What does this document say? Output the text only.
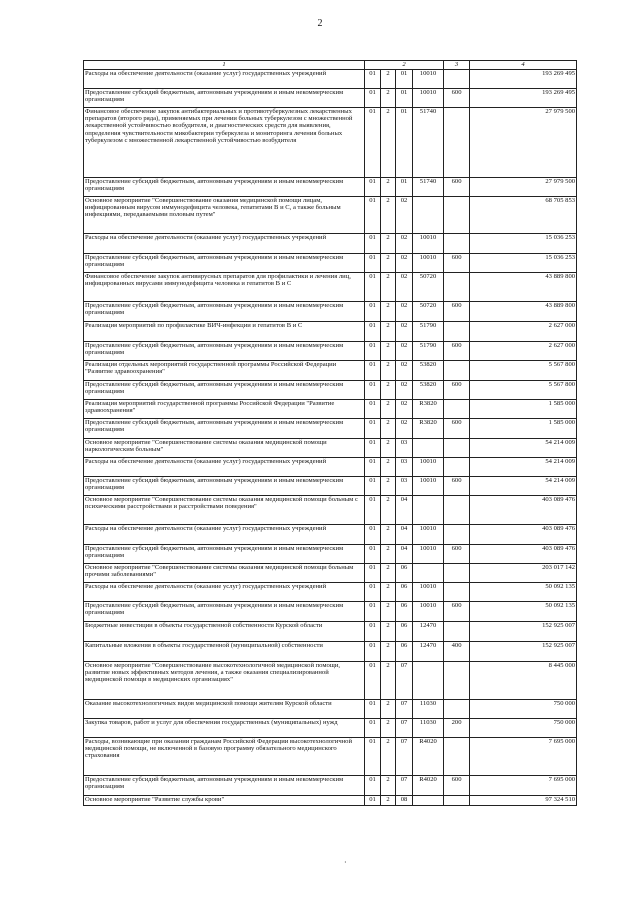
2
1	2				3	4
Расходы на обеспечение деятельности (оказание услуг) государственных учреждений	01	2	01	10010		193 269 495
Предоставление субсидий бюджетным, автономным учреждениям и иным некоммерческим организациям	01	2	01	10010	600	193 269 495
Финансовое обеспечение закупок антибактериальных и противотуберкулезных лекарственных препаратов (второго ряда), применяемых при лечении больных туберкулезом с множественной лекарственной устойчивостью возбудителя, и диагностических средств для выявления, определения чувствительности микобактерии туберкулеза и мониторинга лечения больных туберкулезом с множественной лекарственной устойчивостью возбудителя	01	2	01	51740		27 979 500
Предоставление субсидий бюджетным, автономным учреждениям и иным некоммерческим организациям	01	2	01	51740	600	27 979 500
Основное мероприятие "Совершенствование оказания медицинской помощи лицам, инфицированным вирусом иммунодефицита человека, гепатитами В и С, а также больным инфекциями, передаваемыми половым путем"	01	2	02			68 705 853
Расходы на обеспечение деятельности (оказание услуг) государственных учреждений	01	2	02	10010		15 036 253
Предоставление субсидий бюджетным, автономным учреждениям и иным некоммерческим организациям	01	2	02	10010	600	15 036 253
Финансовое обеспечение закупок антивирусных препаратов для профилактики и лечения лиц, инфицированных вирусами иммунодефицита человека и гепатитов В и С	01	2	02	50720		43 889 800
Предоставление субсидий бюджетным, автономным учреждениям и иным некоммерческим организациям	01	2	02	50720	600	43 889 800
Реализация мероприятий по профилактике ВИЧ-инфекции и гепатитов В и С	01	2	02	51790		2 627 000
Предоставление субсидий бюджетным, автономным учреждениям и иным некоммерческим организациям	01	2	02	51790	600	2 627 000
Реализация отдельных мероприятий государственной программы Российской Федерации "Развитие здравоохранения"	01	2	02	53820		5 567 800
Предоставление субсидий бюджетным, автономным учреждениям и иным некоммерческим организациям	01	2	02	53820	600	5 567 800
Реализация мероприятий государственной программы Российской Федерации "Развитие здравоохранения"	01	2	02	R3820		1 585 000
Предоставление субсидий бюджетным, автономным учреждениям и иным некоммерческим организациям	01	2	02	R3820	600	1 585 000
Основное мероприятие "Совершенствование системы оказания медицинской помощи наркологическим больным"	01	2	03			54 214 009
Расходы на обеспечение деятельности (оказание услуг) государственных учреждений	01	2	03	10010		54 214 009
Предоставление субсидий бюджетным, автономным учреждениям и иным некоммерческим организациям	01	2	03	10010	600	54 214 009
Основное мероприятие "Совершенствование системы оказания медицинской помощи больным с психическими расстройствами и расстройствами поведения"	01	2	04			403 089 476
Расходы на обеспечение деятельности (оказание услуг) государственных учреждений	01	2	04	10010		403 089 476
Предоставление субсидий бюджетным, автономным учреждениям и иным некоммерческим организациям	01	2	04	10010	600	403 089 476
Основное мероприятие "Совершенствование системы оказания медицинской помощи больным прочими заболеваниями"	01	2	06			203 017 142
Расходы на обеспечение деятельности (оказание услуг) государственных учреждений	01	2	06	10010		50 092 135
Предоставление субсидий бюджетным, автономным учреждениям и иным некоммерческим организациям	01	2	06	10010	600	50 092 135
Бюджетные инвестиции в объекты государственной собственности Курской области	01	2	06	12470		152 925 007
Капитальные вложения в объекты государственной (муниципальной) собственности	01	2	06	12470	400	152 925 007
Основное мероприятие "Совершенствование высокотехнологичной медицинской помощи, развитие новых эффективных методов лечения, а также оказания специализированной медицинской помощи в медицинских организациях"	01	2	07			8 445 000
Оказание высокотехнологичных видов медицинской помощи жителям Курской области	01	2	07	11030		750 000
Закупка товаров, работ и услуг для обеспечения государственных (муниципальных) нужд	01	2	07	11030	200	750 000
Расходы, возникающие при оказании гражданам Российской Федерации высокотехнологичной медицинской помощи, не включенной в базовую программу обязательного медицинского страхования	01	2	07	R4020		7 695 000
Предоставление субсидий бюджетным, автономным учреждениям и иным некоммерческим организациям	01	2	07	R4020	600	7 695 000
Основное мероприятие "Развитие службы крови"	01	2	08			97 324 510
·
